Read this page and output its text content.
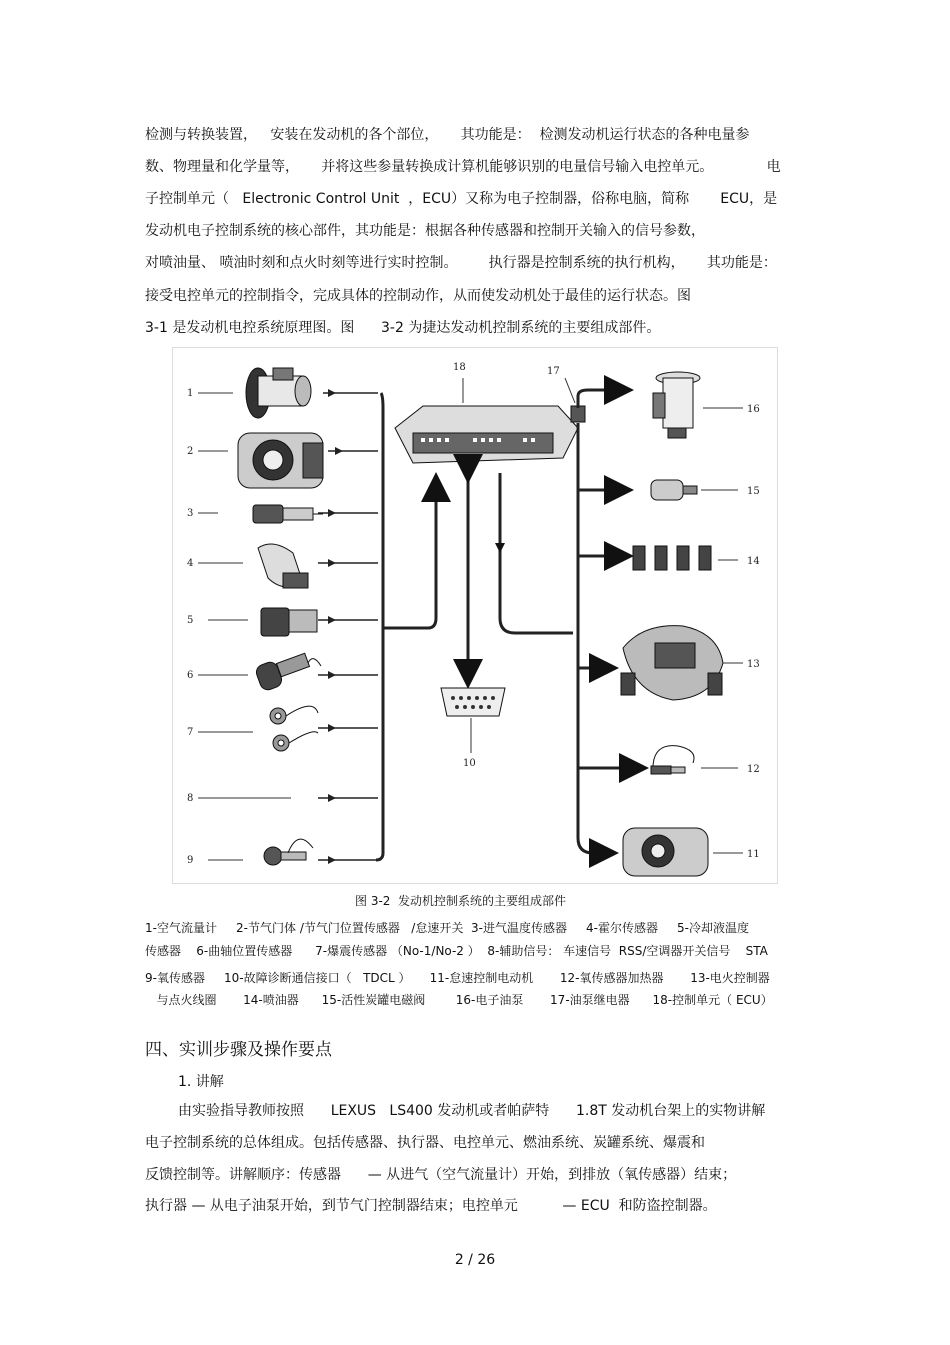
检测与转换装置，   安装在发动机的各个部位，     其功能是：  检测发动机运行状态的各种电量参
数、物理量和化学量等，     并将这些参量转换成计算机能够识别的电量信号输入电控单元。            电
子控制单元（   Electronic Control Unit  ，ECU）又称为电子控制器，俗称电脑，简称       ECU，是
发动机电子控制系统的核心部件，其功能是：根据各种传感器和控制开关输入的信号参数，
对喷油量、 喷油时刻和点火时刻等进行实时控制。       执行器是控制系统的执行机构，     其功能是：
接受电控单元的控制指令，完成具体的控制动作，从而使发动机处于最佳的运行状态。图
3-1 是发动机电控系统原理图。图      3-2 为捷达发动机控制系统的主要组成部件。
1
2
3
4
5
6
7
8
9
18
10
17
16
15
14
13
12
11
图 3-2  发动机控制系统的主要组成部件
1-空气流量计     2-节气门体 /节气门位置传感器   /怠速开关  3-进气温度传感器     4-霍尔传感器     5-冷却液温度
传感器    6-曲轴位置传感器      7-爆震传感器 （No-1/No-2 ）  8-辅助信号： 车速信号  RSS/空调器开关信号    STA
9-氧传感器     10-故障诊断通信接口（   TDCL ）     11-怠速控制电动机       12-氧传感器加热器       13-电火控制器
与点火线圈       14-喷油器      15-活性炭罐电磁阀        16-电子油泵       17-油泵继电器      18-控制单元（ ECU）
四、实训步骤及操作要点
1. 讲解
由实验指导教师按照      LEXUS   LS400 发动机或者帕萨特      1.8T 发动机台架上的实物讲解
电子控制系统的总体组成。包括传感器、执行器、电控单元、燃油系统、炭罐系统、爆震和
反馈控制等。讲解顺序：传感器      — 从进气（空气流量计）开始，到排放（氧传感器）结束；
执行器 — 从电子油泵开始，到节气门控制器结束；电控单元          — ECU  和防盗控制器。
2 / 26
